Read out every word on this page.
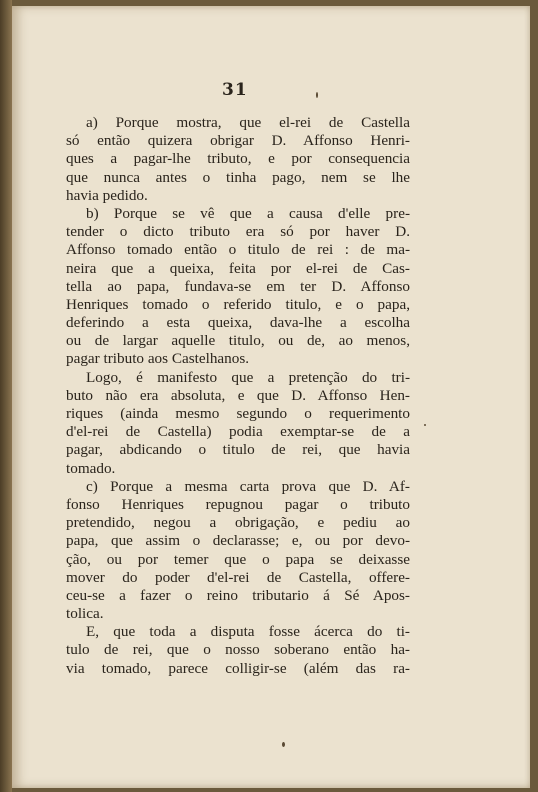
31
a) Porque mostra, que el-rei de Castella
só então quizera obrigar D. Affonso Henri-
ques a pagar-lhe tributo, e por consequencia
que nunca antes o tinha pago, nem se lhe
havia pedido.
b) Porque se vê que a causa d'elle pre-
tender o dicto tributo era só por haver D.
Affonso tomado então o titulo de rei : de ma-
neira que a queixa, feita por el-rei de Cas-
tella ao papa, fundava-se em ter D. Affonso
Henriques tomado o referido titulo, e o papa,
deferindo a esta queixa, dava-lhe a escolha
ou de largar aquelle titulo, ou de, ao menos,
pagar tributo aos Castelhanos.
Logo, é manifesto que a pretenção do tri-
buto não era absoluta, e que D. Affonso Hen-
riques (ainda mesmo segundo o requerimento
d'el-rei de Castella) podia exemptar-se de a
pagar, abdicando o titulo de rei, que havia
tomado.
c) Porque a mesma carta prova que D. Af-
fonso Henriques repugnou pagar o tributo
pretendido, negou a obrigação, e pediu ao
papa, que assim o declarasse; e, ou por devo-
ção, ou por temer que o papa se deixasse
mover do poder d'el-rei de Castella, offere-
ceu-se a fazer o reino tributario á Sé Apos-
tolica.
E, que toda a disputa fosse ácerca do ti-
tulo de rei, que o nosso soberano então ha-
via tomado, parece colligir-se (além das ra-
